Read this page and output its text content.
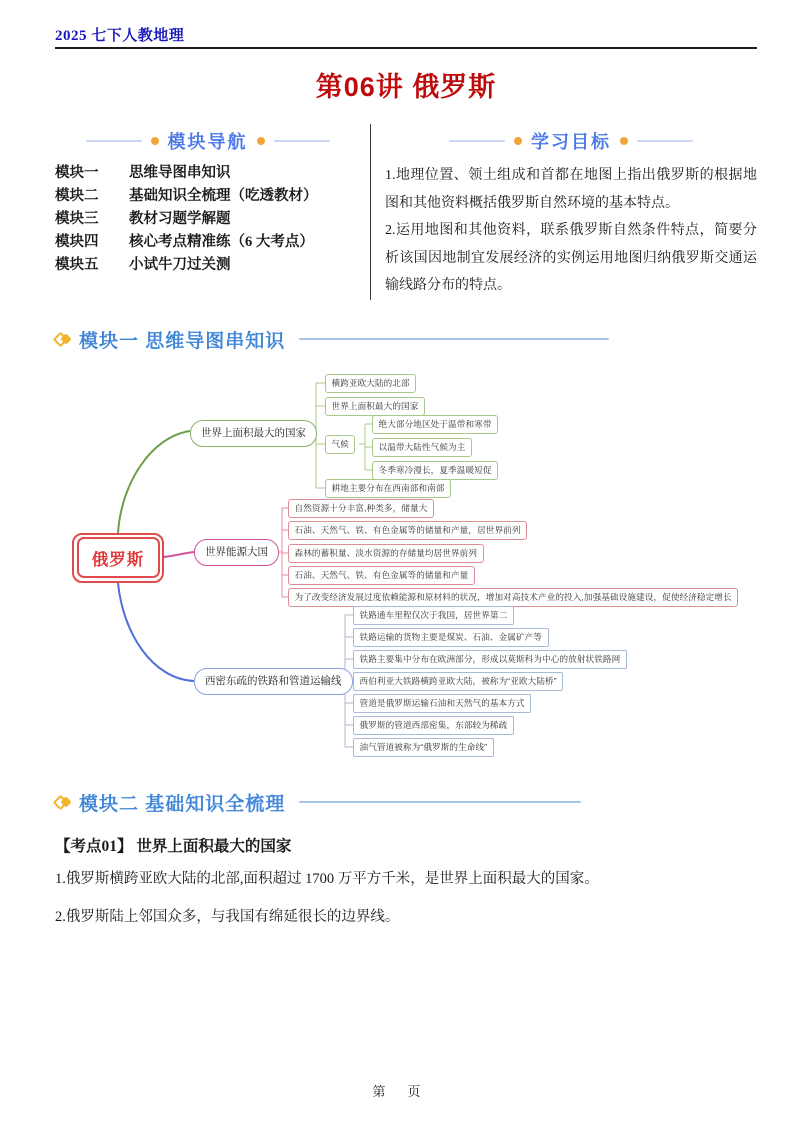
2025 七下人教地理
第06讲 俄罗斯
模块导航
模块一	思维导图串知识
模块二	基础知识全梳理（吃透教材）
模块三	教材习题学解题
模块四	核心考点精准练（6 大考点）
模块五	小试牛刀过关测
学习目标

1.地理位置、领土组成和首都在地图上指出俄罗斯的根据地图和其他资料概括俄罗斯自然环境的基本特点。

2.运用地图和其他资料，联系俄罗斯自然条件特点，简要分析该国因地制宜发展经济的实例运用地图归纳俄罗斯交通运输线路分布的特点。

模块一 思维导图串知识
俄罗斯
世界上面积最大的国家
世界能源大国
西密东疏的铁路和管道运输线
横跨亚欧大陆的北部
世界上面积最大的国家
气候
绝大部分地区处于温带和寒带
以温带大陆性气候为主
冬季寒冷漫长，夏季温暖短促
耕地主要分布在西南部和南部
自然资源十分丰富,种类多，储量大
石油、天然气、铁、有色金属等的储量和产量，居世界前列
森林的蓄积量、淡水资源的存储量均居世界前列
石油、天然气、铁、有色金属等的储量和产量
为了改变经济发展过度依赖能源和原材料的状况，增加对高技术产业的投入,加强基础设施建设，促使经济稳定增长
铁路通车里程仅次于我国，居世界第二
铁路运输的货物主要是煤炭、石油、金属矿产等
铁路主要集中分布在欧洲部分，形成以莫斯科为中心的放射状铁路网
西伯利亚大铁路横跨亚欧大陆，被称为“亚欧大陆桥”
管道是俄罗斯运输石油和天然气的基本方式
俄罗斯的管道西部密集，东部较为稀疏
油气管道被称为“俄罗斯的生命线”
模块二 基础知识全梳理
【考点01】 世界上面积最大的国家
1.俄罗斯横跨亚欧大陆的北部,面积超过 1700 万平方千米，是世界上面积最大的国家。
2.俄罗斯陆上邻国众多，与我国有绵延很长的边界线。
第 页
